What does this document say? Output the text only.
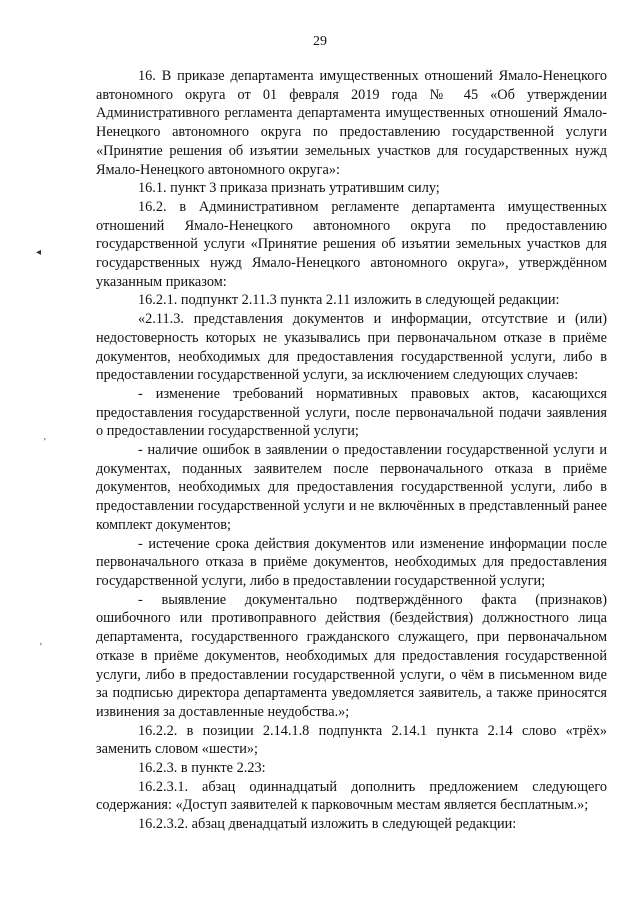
29
◂
'
'

16. В приказе департамента имущественных отношений Ямало-Ненецкого автономного округа от 01 февраля 2019 года № 45 «Об утверждении Административного регламента департамента имущественных отношений Ямало-Ненецкого автономного округа по предоставлению государственной услуги «Принятие решения об изъятии земельных участков для государственных нужд Ямало-Ненецкого автономного округа»:

16.1. пункт 3 приказа признать утратившим силу;

16.2. в Административном регламенте департамента имущественных отношений Ямало-Ненецкого автономного округа по предоставлению государственной услуги «Принятие решения об изъятии земельных участков для государственных нужд Ямало-Ненецкого автономного округа», утверждённом указанным приказом:

16.2.1. подпункт 2.11.3 пункта 2.11 изложить в следующей редакции:

«2.11.3. представления документов и информации, отсутствие и (или) недостоверность которых не указывались при первоначальном отказе в приёме документов, необходимых для предоставления государственной услуги, либо в предоставлении государственной услуги, за исключением следующих случаев:

- изменение требований нормативных правовых актов, касающихся предоставления государственной услуги, после первоначальной подачи заявления о предоставлении государственной услуги;

- наличие ошибок в заявлении о предоставлении государственной услуги и документах, поданных заявителем после первоначального отказа в приёме документов, необходимых для предоставления государственной услуги, либо в предоставлении государственной услуги и не включённых в представленный ранее комплект документов;

- истечение срока действия документов или изменение информации после первоначального отказа в приёме документов, необходимых для предоставления государственной услуги, либо в предоставлении государственной услуги;

- выявление документально подтверждённого факта (признаков) ошибочного или противоправного действия (бездействия) должностного лица департамента, государственного гражданского служащего, при первоначальном отказе в приёме документов, необходимых для предоставления государственной услуги, либо в предоставлении государственной услуги, о чём в письменном виде за подписью директора департамента уведомляется заявитель, а также приносятся извинения за доставленные неудобства.»;

16.2.2. в позиции 2.14.1.8 подпункта 2.14.1 пункта 2.14 слово «трёх» заменить словом «шести»;

16.2.3. в пункте 2.23:

16.2.3.1. абзац одиннадцатый дополнить предложением следующего содержания: «Доступ заявителей к парковочным местам является бесплатным.»;

16.2.3.2. абзац двенадцатый изложить в следующей редакции:
